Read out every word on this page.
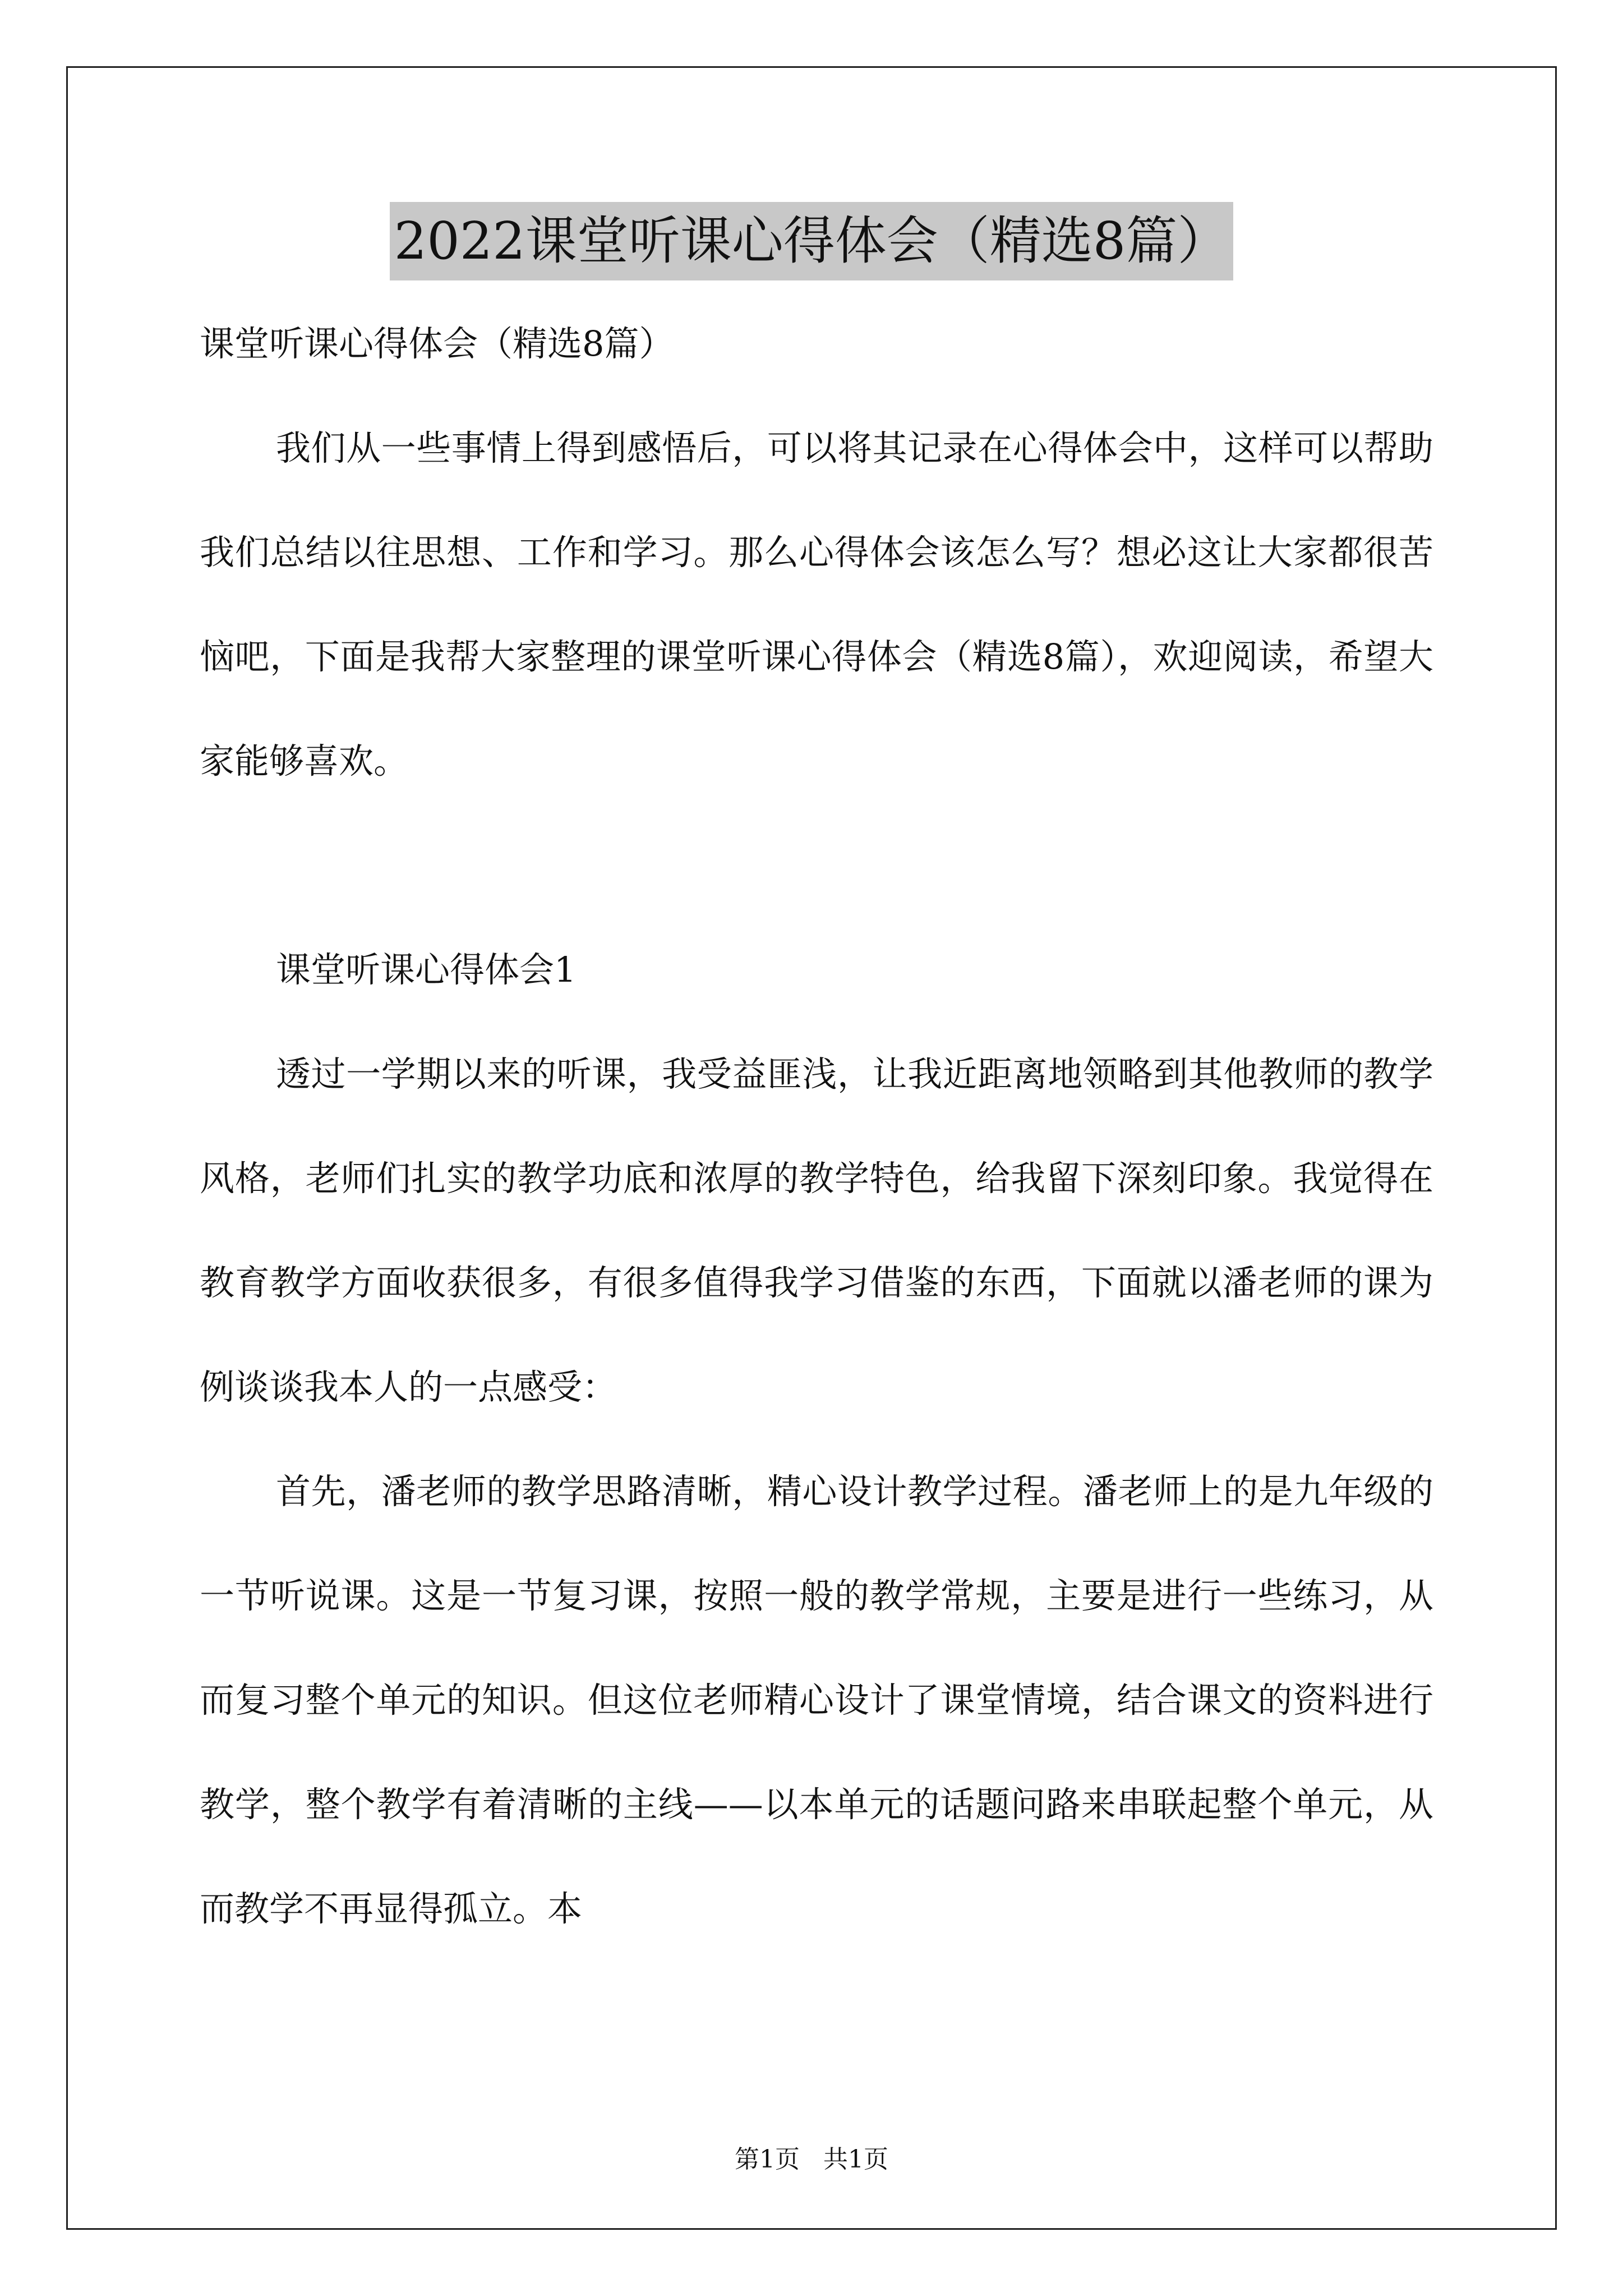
2022课堂听课心得体会（精选8篇）

课堂听课心得体会（精选8篇）

我们从一些事情上得到感悟后，可以将其记录在心得体会中，这样可以帮助我们总结以往思想、工作和学习。那么心得体会该怎么写？想必这让大家都很苦恼吧，下面是我帮大家整理的课堂听课心得体会（精选8篇），欢迎阅读，希望大家能够喜欢。

课堂听课心得体会1

透过一学期以来的听课，我受益匪浅，让我近距离地领略到其他教师的教学风格，老师们扎实的教学功底和浓厚的教学特色，给我留下深刻印象。我觉得在教育教学方面收获很多，有很多值得我学习借鉴的东西，下面就以潘老师的课为例谈谈我本人的一点感受：

首先，潘老师的教学思路清晰，精心设计教学过程。潘老师上的是九年级的一节听说课。这是一节复习课，按照一般的教学常规，主要是进行一些练习，从而复习整个单元的知识。但这位老师精心设计了课堂情境，结合课文的资料进行教学，整个教学有着清晰的主线——以本单元的话题问路来串联起整个单元，从而教学不再显得孤立。本

第1页   共1页
